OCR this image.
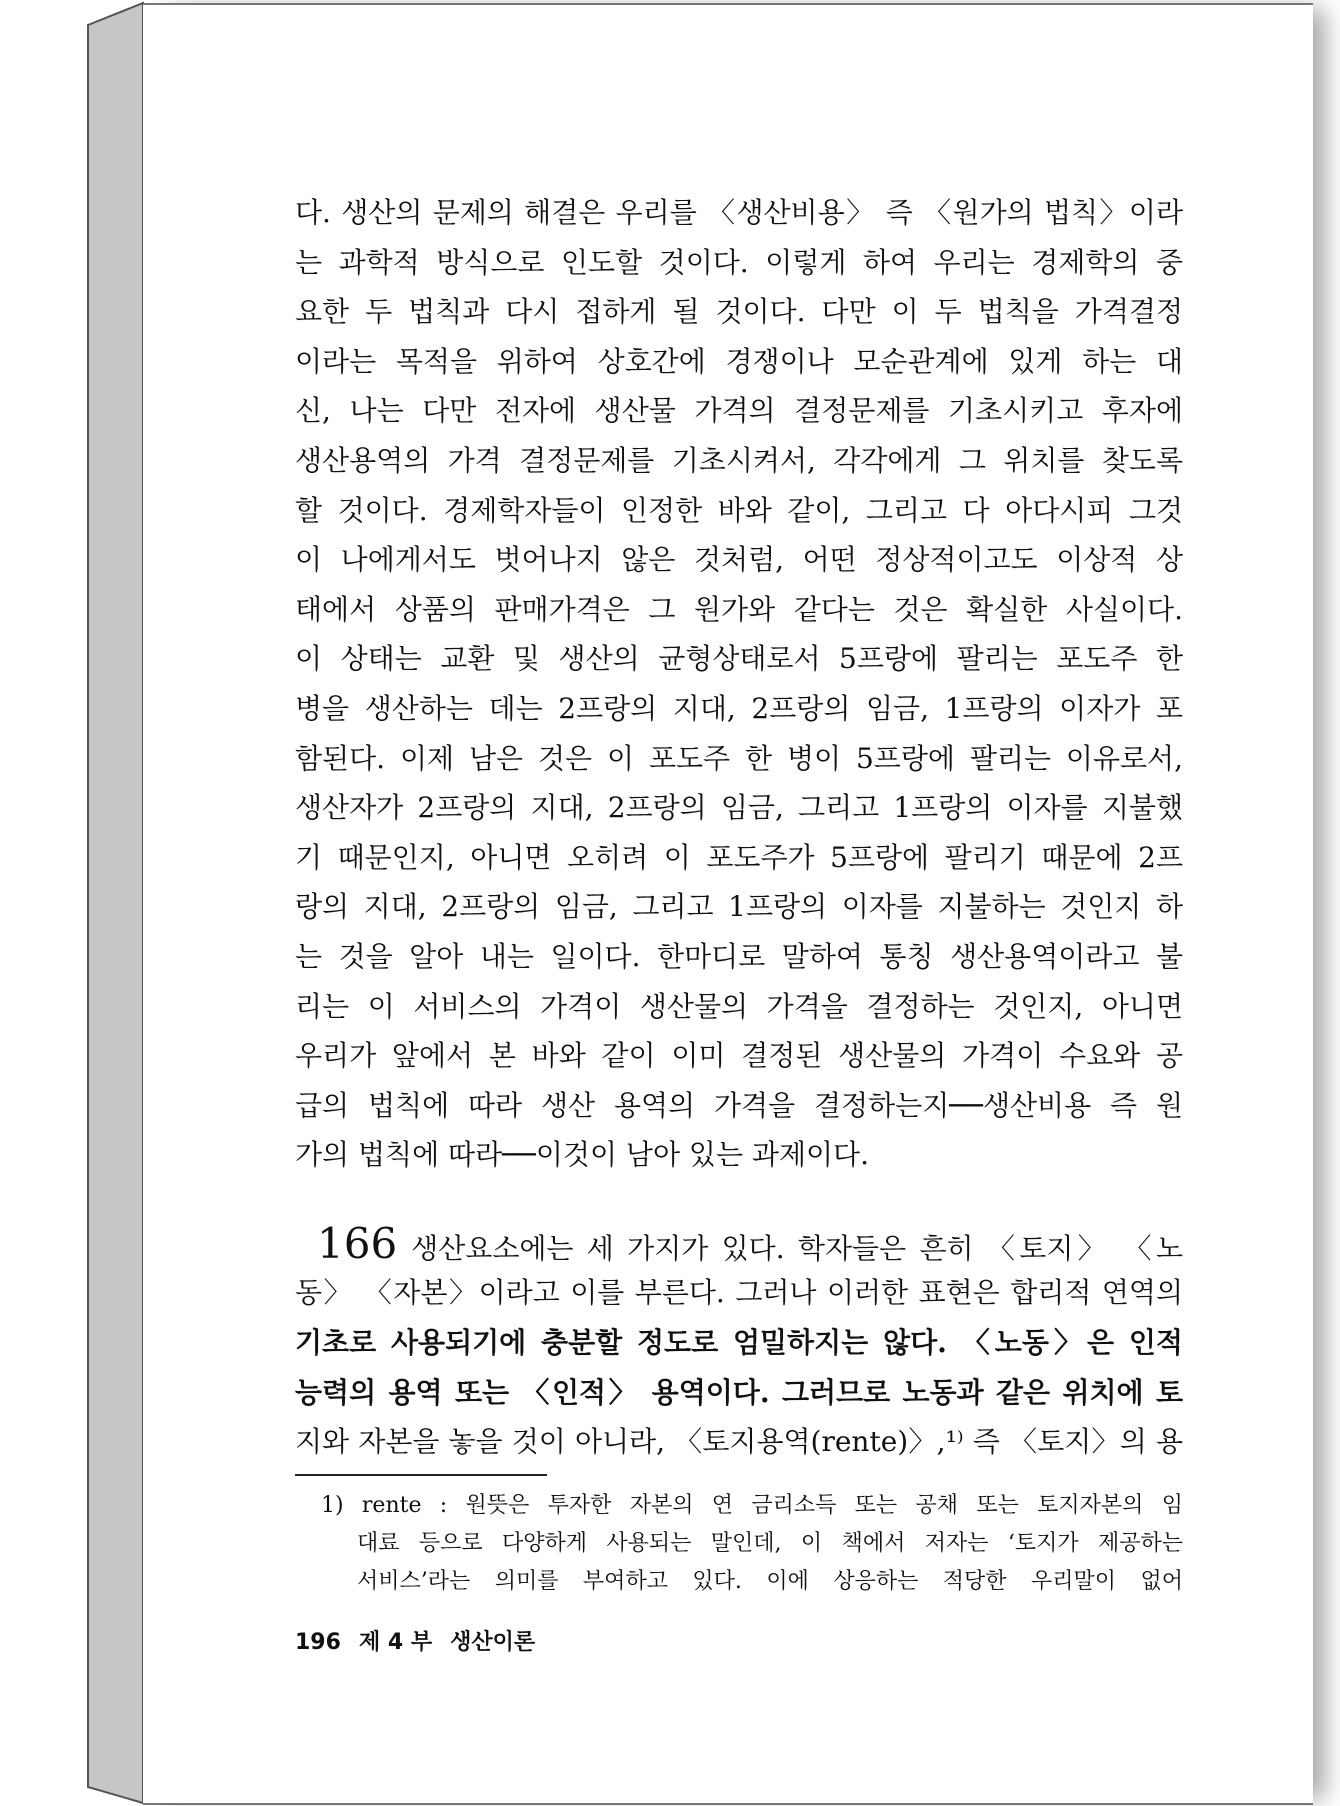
다. 생산의 문제의 해결은 우리를 〈생산비용〉 즉 〈원가의 법칙〉이라
는 과학적 방식으로 인도할 것이다. 이렇게 하여 우리는 경제학의 중
요한 두 법칙과 다시 접하게 될 것이다. 다만 이 두 법칙을 가격결정
이라는 목적을 위하여 상호간에 경쟁이나 모순관계에 있게 하는 대
신, 나는 다만 전자에 생산물 가격의 결정문제를 기초시키고 후자에
생산용역의 가격 결정문제를 기초시켜서, 각각에게 그 위치를 찾도록
할 것이다. 경제학자들이 인정한 바와 같이, 그리고 다 아다시피 그것
이 나에게서도 벗어나지 않은 것처럼, 어떤 정상적이고도 이상적 상
태에서 상품의 판매가격은 그 원가와 같다는 것은 확실한 사실이다.
이 상태는 교환 및 생산의 균형상태로서 5프랑에 팔리는 포도주 한
병을 생산하는 데는 2프랑의 지대, 2프랑의 임금, 1프랑의 이자가 포
함된다. 이제 남은 것은 이 포도주 한 병이 5프랑에 팔리는 이유로서,
생산자가 2프랑의 지대, 2프랑의 임금, 그리고 1프랑의 이자를 지불했
기 때문인지, 아니면 오히려 이 포도주가 5프랑에 팔리기 때문에 2프
랑의 지대, 2프랑의 임금, 그리고 1프랑의 이자를 지불하는 것인지 하
는 것을 알아 내는 일이다. 한마디로 말하여 통칭 생산용역이라고 불
리는 이 서비스의 가격이 생산물의 가격을 결정하는 것인지, 아니면
우리가 앞에서 본 바와 같이 이미 결정된 생산물의 가격이 수요와 공
급의 법칙에 따라 생산 용역의 가격을 결정하는지──생산비용 즉 원
가의 법칙에 따라──이것이 남아 있는 과제이다.
166 생산요소에는 세 가지가 있다. 학자들은 흔히 〈토지〉 〈노
동〉 〈자본〉이라고 이를 부른다. 그러나 이러한 표현은 합리적 연역의
기초로 사용되기에 충분할 정도로 엄밀하지는 않다. 〈노동〉은 인적
능력의 용역 또는 〈인적〉 용역이다. 그러므로 노동과 같은 위치에 토
지와 자본을 놓을 것이 아니라, 〈토지용역(rente)〉,¹⁾ 즉 〈토지〉의 용
1) rente : 원뜻은 투자한 자본의 연 금리소득 또는 공채 또는 토지자본의 임
대료 등으로 다양하게 사용되는 말인데, 이 책에서 저자는 ‘토지가 제공하는
서비스’라는 의미를 부여하고 있다. 이에 상응하는 적당한 우리말이 없어
196 제 4 부 생산이론
